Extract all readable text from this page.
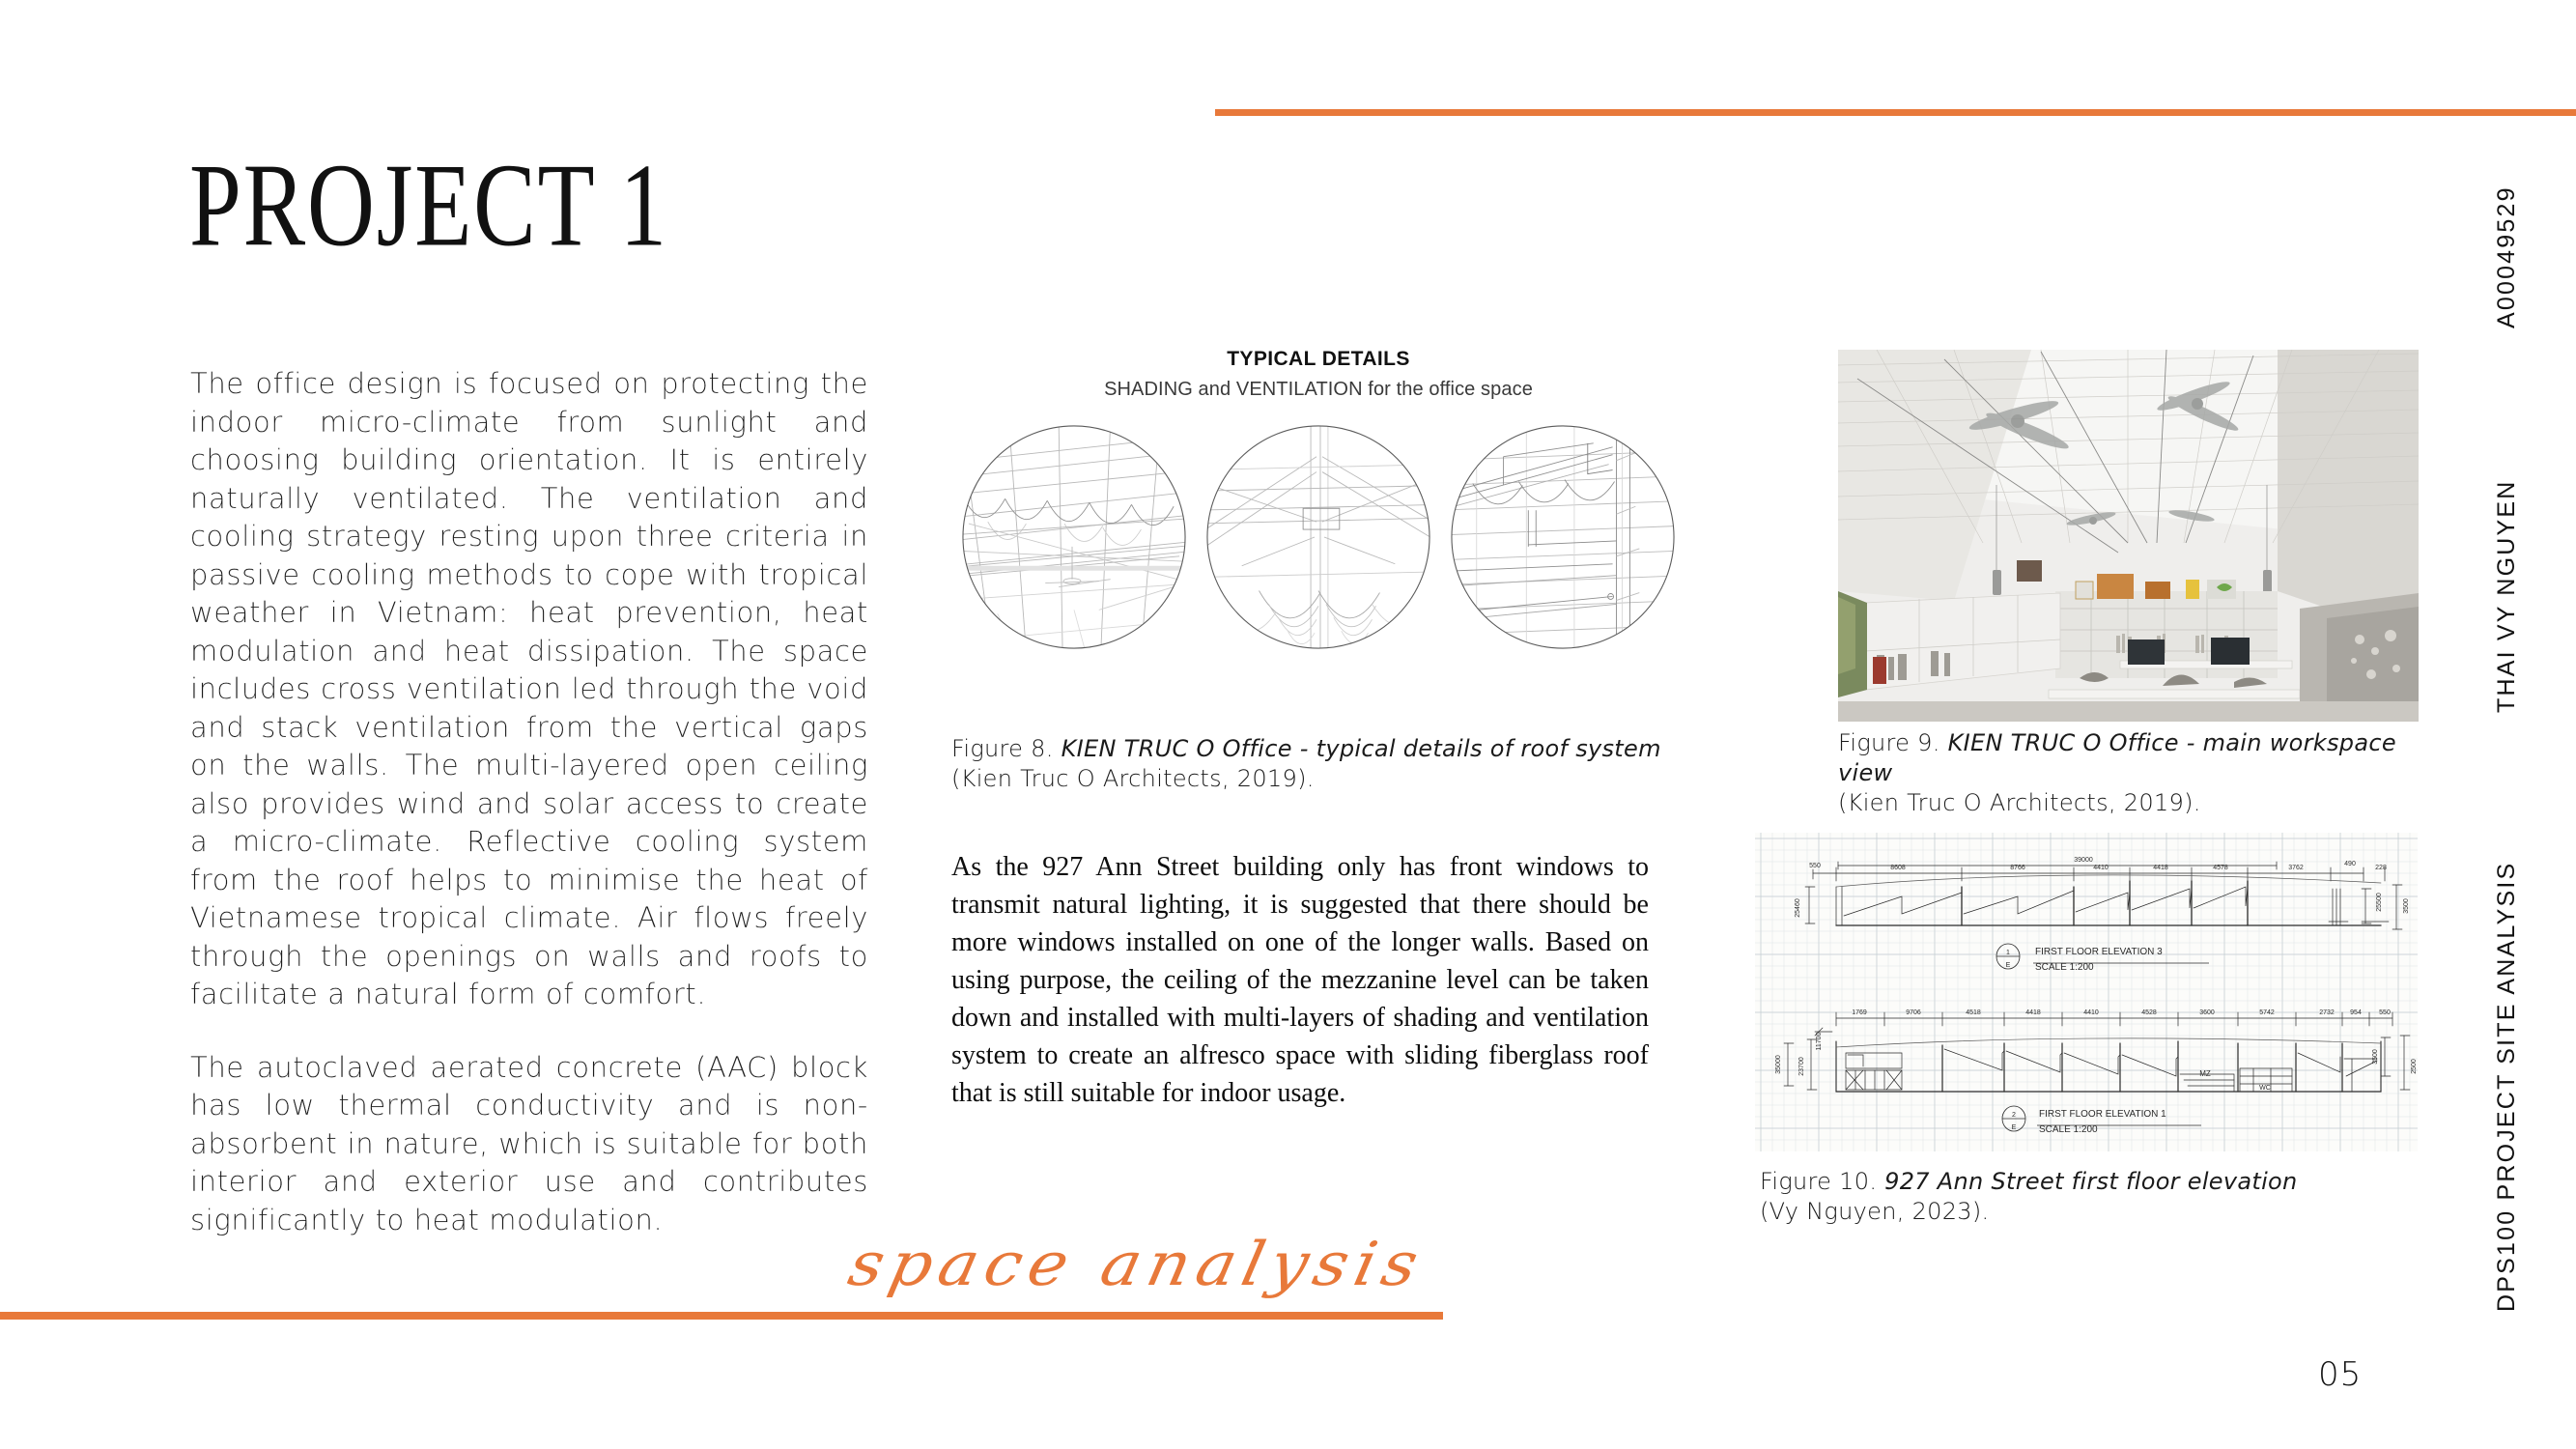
PROJECT 1

The office design is focused on protecting the indoor micro-climate from sunlight and choosing building orientation. It is entirely naturally ventilated. The ventilation and cooling strategy resting upon three criteria in passive cooling methods to cope with tropical weather in Vietnam: heat prevention, heat modulation and heat dissipation. The space includes cross ventilation led through the void and stack ventilation from the vertical gaps on the walls. The multi-layered open ceiling also provides wind and solar access to create a micro-climate. Reflective cooling system from the roof helps to minimise the heat of Vietnamese tropical climate. Air flows freely through the openings on walls and roofs to facilitate a natural form of comfort.

The autoclaved aerated concrete (AAC) block has low thermal conductivity and is non-absorbent in nature, which is suitable for both interior and exterior use and contributes significantly to heat modulation.

TYPICAL DETAILS
SHADING and VENTILATION for the office space
Figure 8. KIEN TRUC O Office - typical details of roof system
(Kien Truc O Architects, 2019).

As the 927 Ann Street building only has front windows to transmit natural lighting, it is suggested that there should be more windows installed on one of the longer walls. Based on using purpose, the ceiling of the mezzanine level can be taken down and installed with multi-layers of shading and ventilation system to create an alfresco space with sliding fiberglass roof that is still suitable for indoor usage.

space analysis
Figure 9. KIEN TRUC O Office - main workspace view
(Kien Truc O Architects, 2019).
39000
8608	8766	4410	4418	4578	3762
490
228
550
25460	25500	3500
1
E
FIRST FLOOR ELEVATION 3
SCALE 1:200
1769	9706	4518	4418	4410	4528	3600	5742	2732 954	550
35000 23700
11700
3500
2500
MZ
WC
2
E
FIRST FLOOR ELEVATION 1
SCALE 1:200
Figure 10. 927 Ann Street first floor elevation
(Vy Nguyen, 2023).
A00049529
THAI VY NGUYEN
DPS100 PROJECT SITE ANALYSIS
05
